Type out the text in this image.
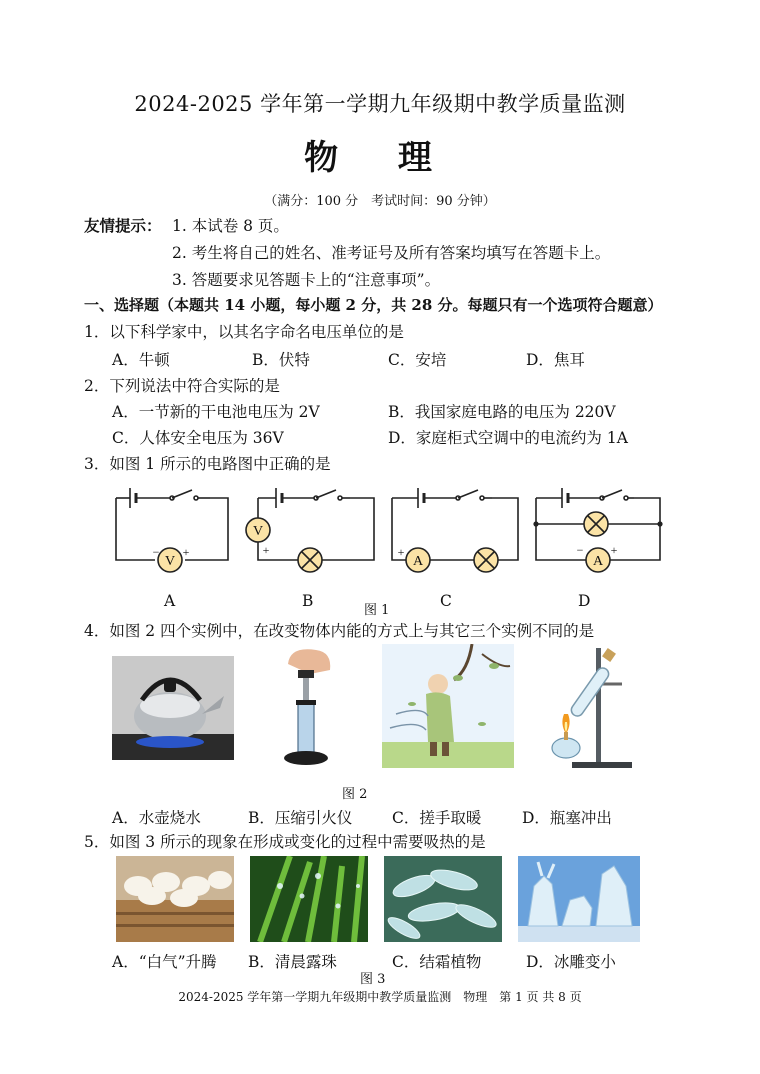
2024-2025 学年第一学期九年级期中教学质量监测
物 理
（满分：100 分　考试时间：90 分钟）
友情提示： 1. 本试卷 8 页。
2. 考生将自己的姓名、准考证号及所有答案均填写在答题卡上。
3. 答题要求见答题卡上的“注意事项”。
一、选择题（本题共 14 小题，每小题 2 分，共 28 分。每题只有一个选项符合题意）
1．以下科学家中，以其名字命名电压单位的是
A．牛顿	B．伏特	C．安培	D．焦耳
2．下列说法中符合实际的是
A．一节新的干电池电压为 2V	B．我国家庭电路的电压为 220V
C．人体安全电压为 36V	D．家庭柜式空调中的电流约为 1A
3．如图 1 所示的电路图中正确的是
V
− +
V
+
A
+
A
− +
A	B	C	D
图 1
4．如图 2 四个实例中，在改变物体内能的方式上与其它三个实例不同的是
图 2
A．水壶烧水	B．压缩引火仪	C．搓手取暖	D．瓶塞冲出
5．如图 3 所示的现象在形成或变化的过程中需要吸热的是
A．“白气”升腾 B．清晨露珠	C．结霜植物	D．冰雕变小
图 3
2024-2025 学年第一学期九年级期中教学质量监测　物理　第 1 页 共 8 页
